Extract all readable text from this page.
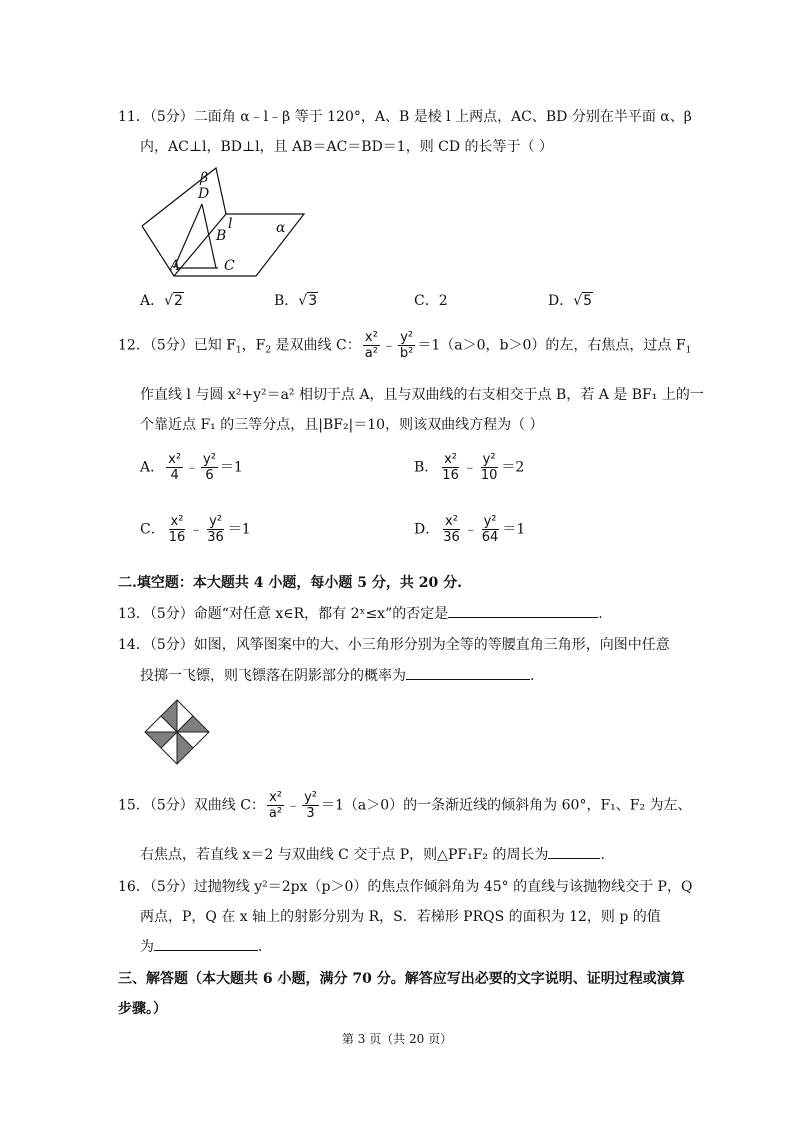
11．（5分）二面角 α﹣l﹣β 等于 120°，A、B 是棱 l 上两点，AC、BD 分别在半平面 α、β
内，AC⊥l，BD⊥l，且 AB＝AC＝BD＝1，则 CD 的长等于（ ）
β
D
l	α
B
A	C
A．√2	B．√3	C．2	D．√5
12．（5分）已知 $F_1$，$F_2$ 是双曲线 C： $\frac{\text{x²}}{\text{a²}}$ ﹣ $\frac{\text{y²}}{\text{b²}} =1(a>0$，b＞0）的左，右焦点，过点 $F_1$
作直线 l 与圆 x²+y²＝a² 相切于点 A，且与双曲线的右支相交于点 B，若 A 是 BF₁ 上的一
个靠近点 F₁ 的三等分点，且|BF₂|＝10，则该双曲线方程为（ ）
A． $\frac{\text{x²}}{4}$ ﹣ $\frac{\text{y²}}{6} =1$	B． $\frac{\text{x²}}{16}$ ﹣ $\frac{\text{y²}}{10} =2$
C． $\frac{\text{x²}}{16}$ ﹣ $\frac{\text{y²}}{36} =1$	D． $\frac{\text{x²}}{36}$ ﹣ $\frac{\text{y²}}{64} =1$
二.填空题：本大题共 4 小题，每小题 5 分，共 20 分.
13．（5分）命题“对任意 x∈R，都有 2ˣ≤x”的否定是	.
14．（5分）如图，风筝图案中的大、小三角形分别为全等的等腰直角三角形，向图中任意
投掷一飞镖，则飞镖落在阴影部分的概率为	.
15．（5分）双曲线 C： $\frac{\text{x²}}{\text{a²}}$ ﹣ $\frac{\text{y²}}{3} =1(a>0)$的一条渐近线的倾斜角为 60°，F₁、F₂ 为左、
右焦点，若直线 x＝2 与双曲线 C 交于点 P，则△PF₁F₂ 的周长为	.
16．（5分）过抛物线 y²＝2px（p＞0）的焦点作倾斜角为 45° 的直线与该抛物线交于 P，Q
两点，P，Q 在 x 轴上的射影分别为 R，S．若梯形 PRQS 的面积为 12，则 p 的值
为	.
三、解答题（本大题共 6 小题，满分 70 分。解答应写出必要的文字说明、证明过程或演算
步骤。）
第 3 页（共 20 页）
